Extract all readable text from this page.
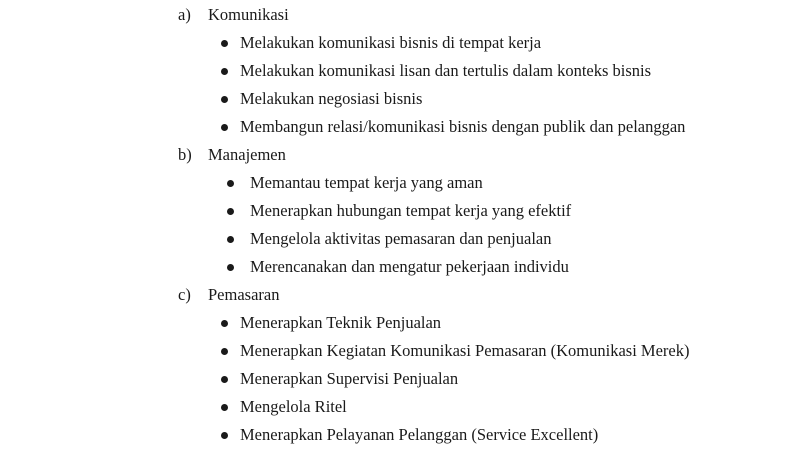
a)	Komunikasi
Melakukan komunikasi bisnis di tempat kerja
Melakukan komunikasi lisan dan tertulis dalam konteks bisnis
Melakukan negosiasi bisnis
Membangun relasi/komunikasi bisnis dengan publik dan pelanggan
b) Manajemen
Memantau tempat kerja yang aman
Menerapkan hubungan tempat kerja yang efektif
Mengelola aktivitas pemasaran dan penjualan
Merencanakan dan mengatur pekerjaan individu
c)	Pemasaran
Menerapkan Teknik Penjualan
Menerapkan Kegiatan Komunikasi Pemasaran (Komunikasi Merek)
Menerapkan Supervisi Penjualan
Mengelola Ritel
Menerapkan Pelayanan Pelanggan (Service Excellent)
